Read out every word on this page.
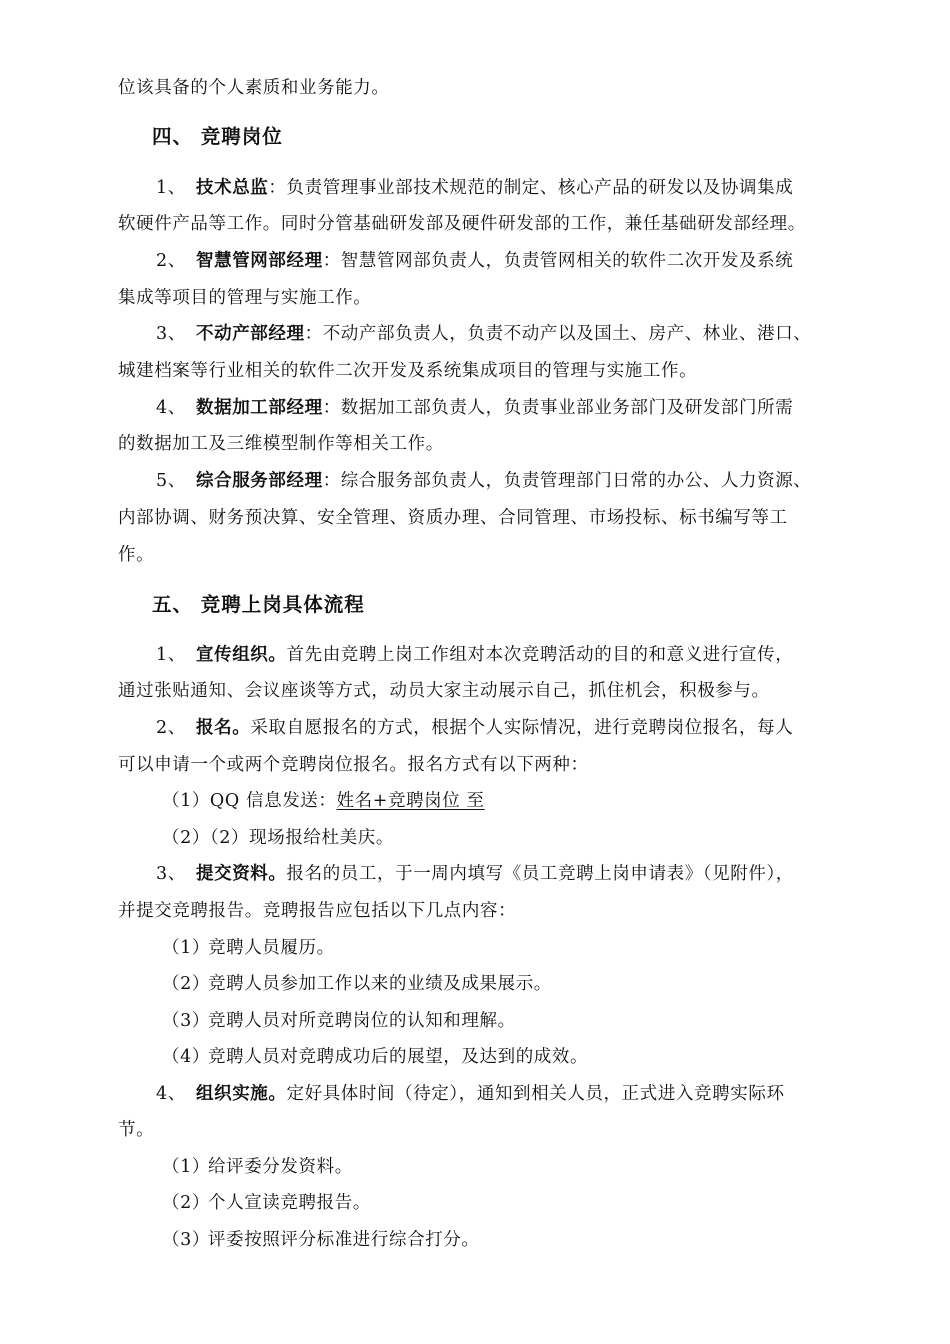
位该具备的个人素质和业务能力。
四、 竞聘岗位
1、 技术总监：负责管理事业部技术规范的制定、核心产品的研发以及协调集成
软硬件产品等工作。同时分管基础研发部及硬件研发部的工作，兼任基础研发部经理。
2、 智慧管网部经理：智慧管网部负责人，负责管网相关的软件二次开发及系统
集成等项目的管理与实施工作。
3、 不动产部经理：不动产部负责人，负责不动产以及国土、房产、林业、港口、
城建档案等行业相关的软件二次开发及系统集成项目的管理与实施工作。
4、 数据加工部经理：数据加工部负责人，负责事业部业务部门及研发部门所需
的数据加工及三维模型制作等相关工作。
5、 综合服务部经理：综合服务部负责人，负责管理部门日常的办公、人力资源、
内部协调、财务预决算、安全管理、资质办理、合同管理、市场投标、标书编写等工
作。
五、 竞聘上岗具体流程
1、 宣传组织。首先由竞聘上岗工作组对本次竞聘活动的目的和意义进行宣传，
通过张贴通知、会议座谈等方式，动员大家主动展示自己，抓住机会，积极参与。
2、 报名。采取自愿报名的方式，根据个人实际情况，进行竞聘岗位报名，每人
可以申请一个或两个竞聘岗位报名。报名方式有以下两种：
（1）QQ 信息发送：姓名+竞聘岗位 至
（2）（2）现场报给杜美庆。
3、 提交资料。报名的员工，于一周内填写《员工竞聘上岗申请表》（见附件），
并提交竞聘报告。竞聘报告应包括以下几点内容：
（1）竞聘人员履历。
（2）竞聘人员参加工作以来的业绩及成果展示。
（3）竞聘人员对所竞聘岗位的认知和理解。
（4）竞聘人员对竞聘成功后的展望，及达到的成效。
4、 组织实施。定好具体时间（待定），通知到相关人员，正式进入竞聘实际环
节。
（1）给评委分发资料。
（2）个人宣读竞聘报告。
（3）评委按照评分标准进行综合打分。
